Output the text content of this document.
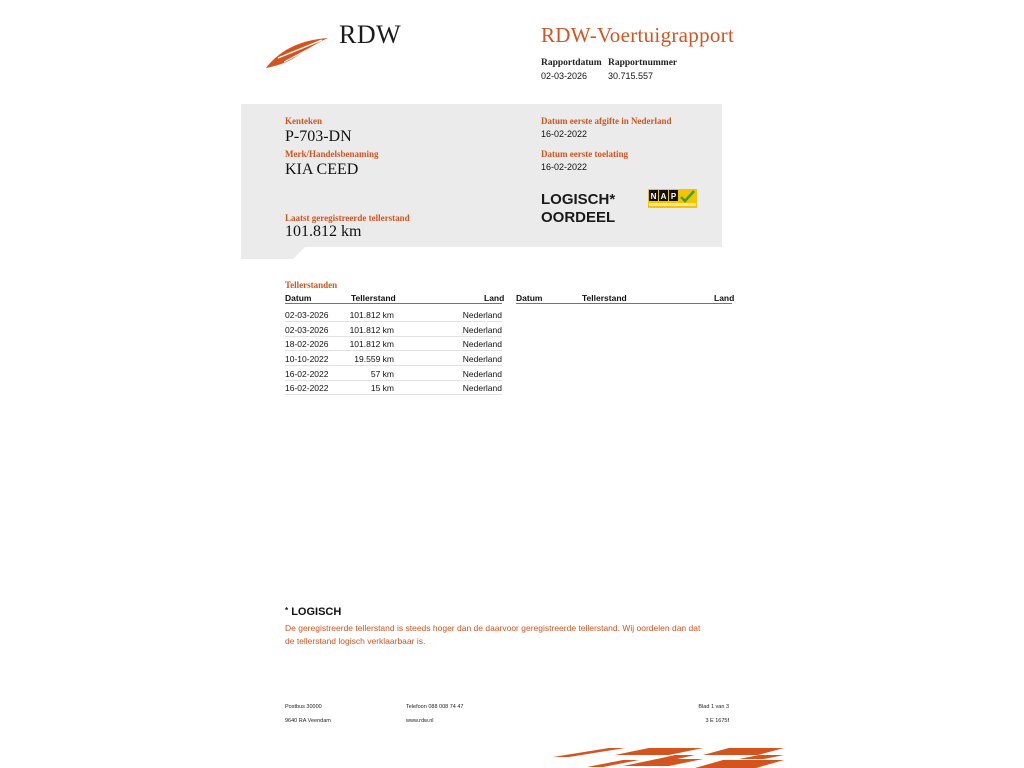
RDW	RDW-Voertuigrapport
Rapportdatum
02-03-2026
Rapportnummer
30.715.557
Kenteken
P-703-DN
Merk/Handelsbenaming
KIA CEED
Laatst geregistreerde tellerstand
101.812 km
Datum eerste afgifte in Nederland
16-02-2022
Datum eerste toelating
16-02-2022
LOGISCH*
OORDEEL
N A P
Tellerstanden
Datum	Tellerstand	Land Datum	Tellerstand	Land
02-03-2026 101.812 km	Nederland
02-03-2026 101.812 km	Nederland
18-02-2026 101.812 km	Nederland
10-10-2022	19.559 km	Nederland
16-02-2022	57 km	Nederland
16-02-2022	15 km	Nederland
* LOGISCH
De geregistreerde tellerstand is steeds hoger dan de daarvoor geregistreerde tellerstand. Wij oordelen dan dat de tellerstand logisch verklaarbaar is.
Postbus 30000
9640 RA Veendam
Telefoon 088 008 74 47
www.rdw.nl
Blad 1 van 3
3 E 1675f
